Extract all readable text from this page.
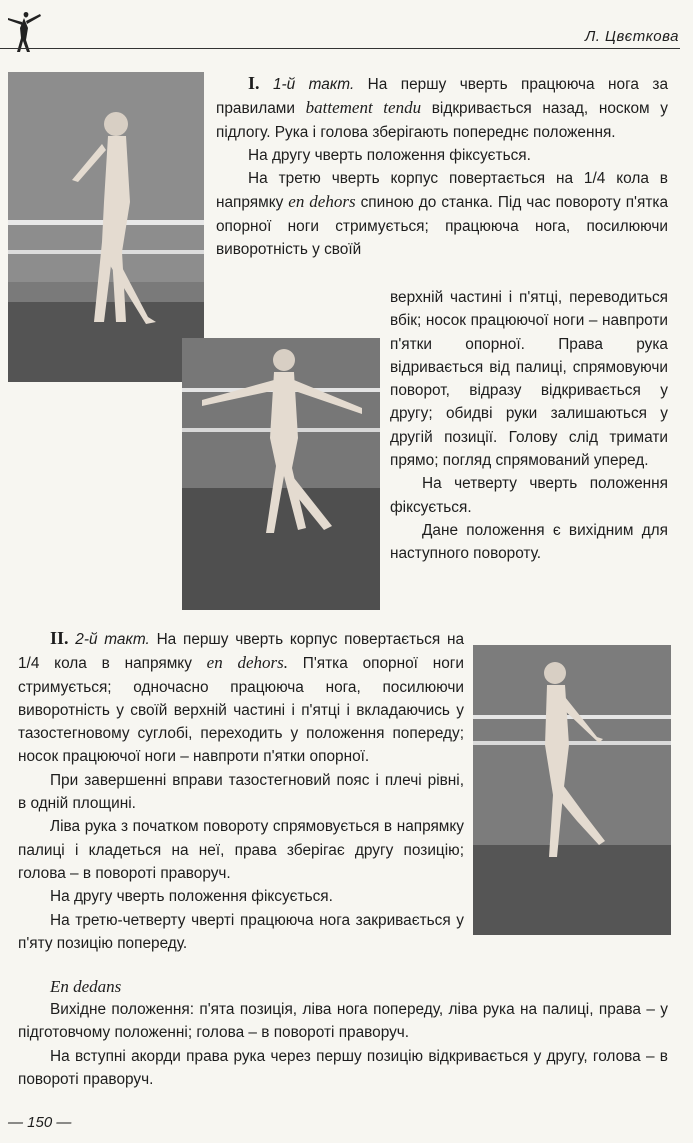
Л. Цвєткова

I. 1-й такт. На першу чверть працююча нога за правилами battement tendu відкривається назад, носком у підлогу. Рука і голова зберігають попереднє положення.

На другу чверть положення фіксується.

На третю чверть корпус повертається на 1/4 кола в напрямку en dehors спиною до станка. Під час повороту п'ятка опорної ноги стримується; працююча нога, посилюючи виворотність у своїй

верхній частині і п'ятці, переводиться вбік; носок працюючої ноги – навпроти п'ятки опорної. Права рука відривається від палиці, спрямовуючи поворот, відразу відкривається у другу; обидві руки залишаються у другій позиції. Голову слід тримати прямо; погляд спрямований уперед.

На четверту чверть положення фіксується.

Дане положення є вихідним для наступного повороту.

II. 2-й такт. На першу чверть корпус повертається на 1/4 кола в напрямку en dehors. П'ятка опорної ноги стримується; одночасно працююча нога, посилюючи виворотність у своїй верхній частині і п'ятці і вкладаючись у тазостегновому суглобі, переходить у положення попереду; носок працюючої ноги – навпроти п'ятки опорної.

При завершенні вправи тазостегновий пояс і плечі рівні, в одній площині.

Ліва рука з початком повороту спрямовується в напрямку палиці і кладеться на неї, права зберігає другу позицію; голова – в повороті праворуч.

На другу чверть положення фіксується.

На третю-четверту чверті працююча нога закривається у п'яту позицію попереду.

En dedans

Вихідне положення: п'ята позиція, ліва нога попереду, ліва рука на палиці, права – у підготовчому положенні; голова – в повороті праворуч.

На вступні акорди права рука через першу позицію відкривається у другу, голова – в повороті праворуч.

— 150 —
